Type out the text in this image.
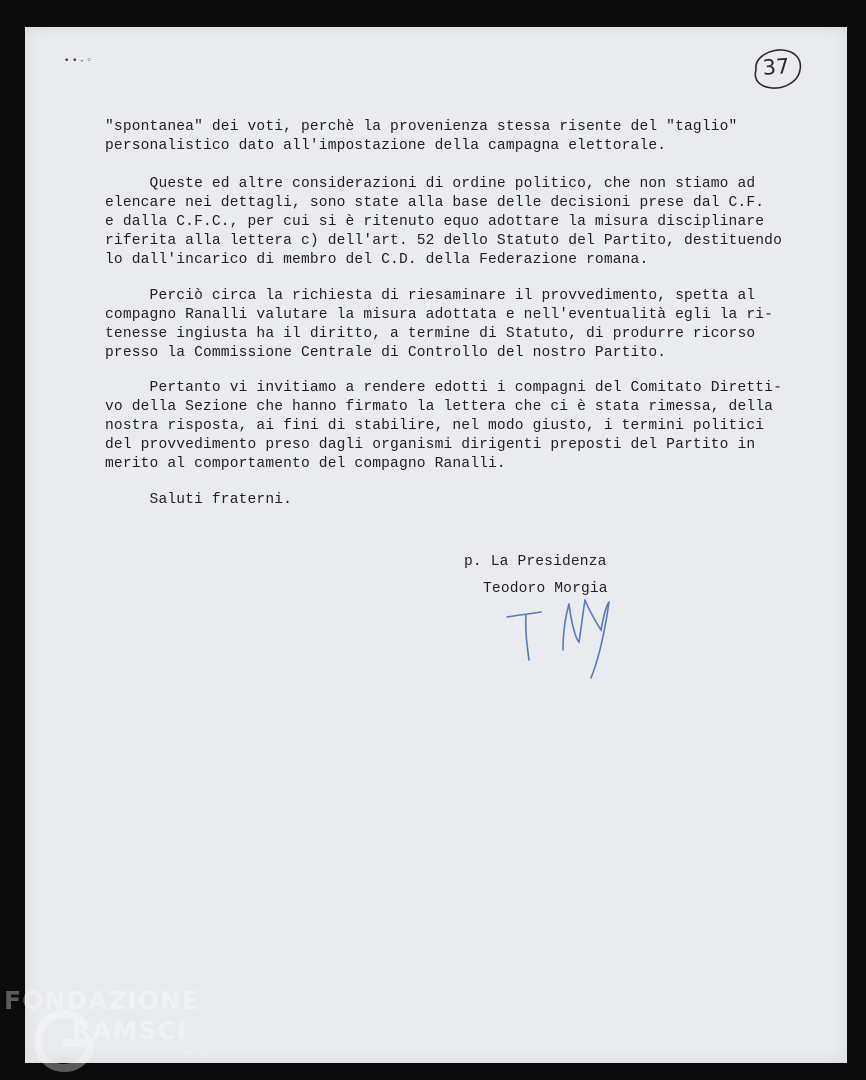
• • - ◦	37
"spontanea" dei voti, perchè la provenienza stessa risente del "taglio"
personalistico dato all'impostazione della campagna elettorale.
Queste ed altre considerazioni di ordine politico, che non stiamo ad
elencare nei dettagli, sono state alla base delle decisioni prese dal C.F.
e dalla C.F.C., per cui si è ritenuto equo adottare la misura disciplinare
riferita alla lettera c) dell'art. 52 dello Statuto del Partito, destituendo
lo dall'incarico di membro del C.D. della Federazione romana.
Perciò circa la richiesta di riesaminare il provvedimento, spetta al
compagno Ranalli valutare la misura adottata e nell'eventualità egli la ri-
tenesse ingiusta ha il diritto, a termine di Statuto, di produrre ricorso
presso la Commissione Centrale di Controllo del nostro Partito.
Pertanto vi invitiamo a rendere edotti i compagni del Comitato Diretti-
vo della Sezione che hanno firmato la lettera che ci è stata rimessa, della
nostra risposta, ai fini di stabilire, nel modo giusto, i termini politici
del provvedimento preso dagli organismi dirigenti preposti del Partito in
merito al comportamento del compagno Ranalli.
Saluti fraterni.
p. La Presidenza
Teodoro Morgia
FONDAZIONE
RAMSCI
onlus
